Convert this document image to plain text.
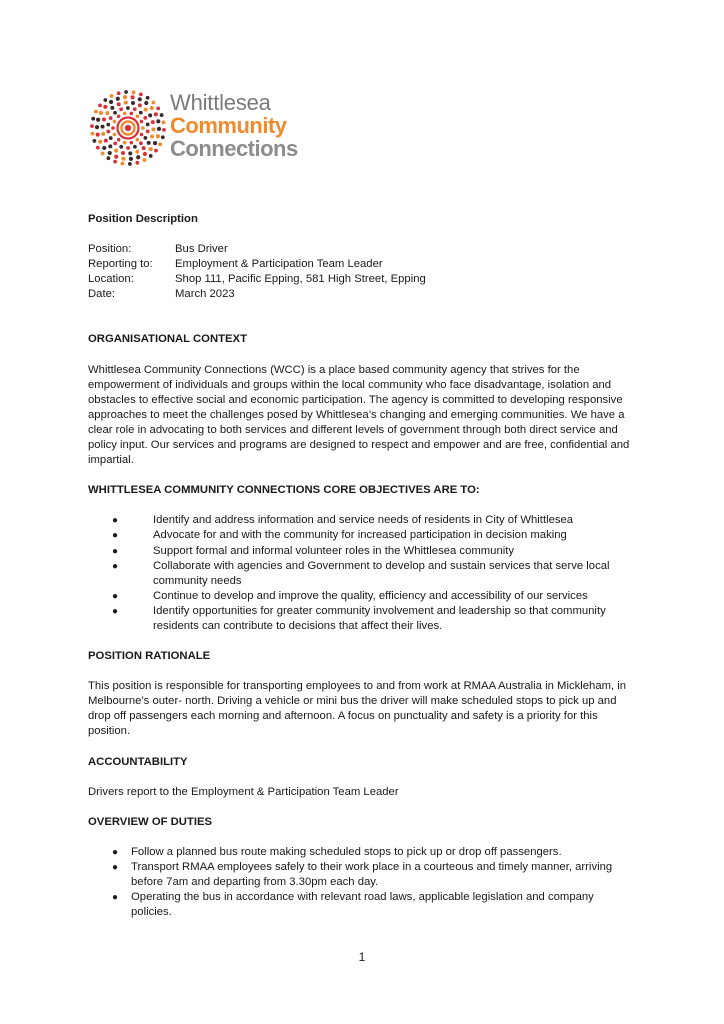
Whittlesea
Community
Connections

Position Description

Position:	Bus Driver
Reporting to:	Employment & Participation Team Leader
Location:	Shop 111, Pacific Epping, 581 High Street, Epping
Date:	March 2023

ORGANISATIONAL CONTEXT

Whittlesea Community Connections (WCC) is a place based community agency that strives for the empowerment of individuals and groups within the local community who face disadvantage, isolation and obstacles to effective social and economic participation. The agency is committed to developing responsive approaches to meet the challenges posed by Whittlesea’s changing and emerging communities. We have a clear role in advocating to both services and different levels of government through both direct service and policy input. Our services and programs are designed to respect and empower and are free, confidential and impartial.

WHITTLESEA COMMUNITY CONNECTIONS CORE OBJECTIVES ARE TO:

●	Identify and address information and service needs of residents in City of Whittlesea
●	Advocate for and with the community for increased participation in decision making
●	Support formal and informal volunteer roles in the Whittlesea community
●	Collaborate with agencies and Government to develop and sustain services that serve local community needs
●	Continue to develop and improve the quality, efficiency and accessibility of our services
●	Identify opportunities for greater community involvement and leadership so that community residents can contribute to decisions that affect their lives.

POSITION RATIONALE

This position is responsible for transporting employees to and from work at RMAA Australia in Mickleham, in Melbourne’s outer- north. Driving a vehicle or mini bus the driver will make scheduled stops to pick up and drop off passengers each morning and afternoon. A focus on punctuality and safety is a priority for this position.

ACCOUNTABILITY

Drivers report to the Employment & Participation Team Leader

OVERVIEW OF DUTIES

● Follow a planned bus route making scheduled stops to pick up or drop off passengers.
● Transport RMAA employees safely to their work place in a courteous and timely manner, arriving before 7am and departing from 3.30pm each day.
● Operating the bus in accordance with relevant road laws, applicable legislation and company policies.
1
